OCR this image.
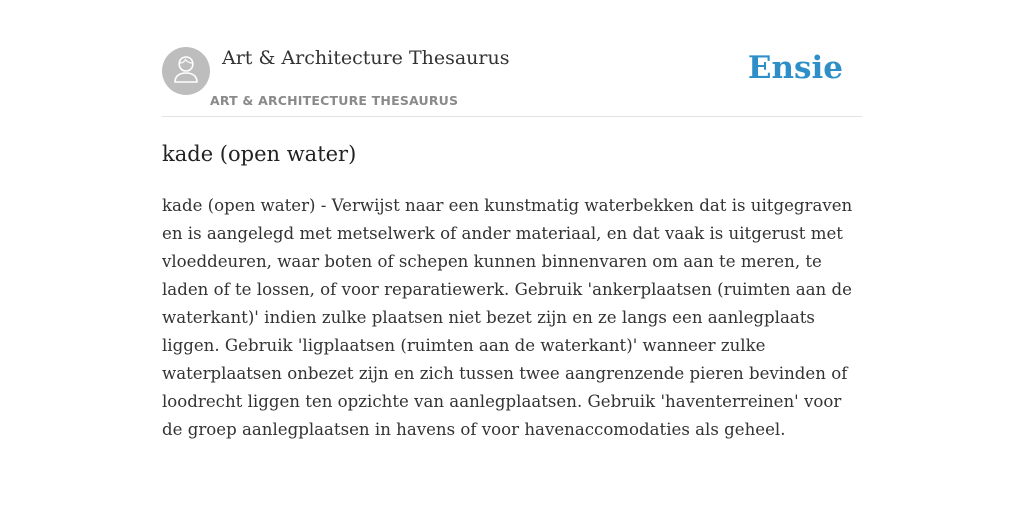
Art & Architecture Thesaurus
ART & ARCHITECTURE THESAURUS
Ensie
kade (open water)

kade (open water) - Verwijst naar een kunstmatig waterbekken dat is uitgegraven en is aangelegd met metselwerk of ander materiaal, en dat vaak is uitgerust met vloeddeuren, waar boten of schepen kunnen binnenvaren om aan te meren, te laden of te lossen, of voor reparatiewerk. Gebruik 'ankerplaatsen (ruimten aan de waterkant)' indien zulke plaatsen niet bezet zijn en ze langs een aanlegplaats liggen. Gebruik 'ligplaatsen (ruimten aan de waterkant)' wanneer zulke waterplaatsen onbezet zijn en zich tussen twee aangrenzende pieren bevinden of loodrecht liggen ten opzichte van aanlegplaatsen. Gebruik 'haventerreinen' voor de groep aanlegplaatsen in havens of voor havenaccomodaties als geheel.
